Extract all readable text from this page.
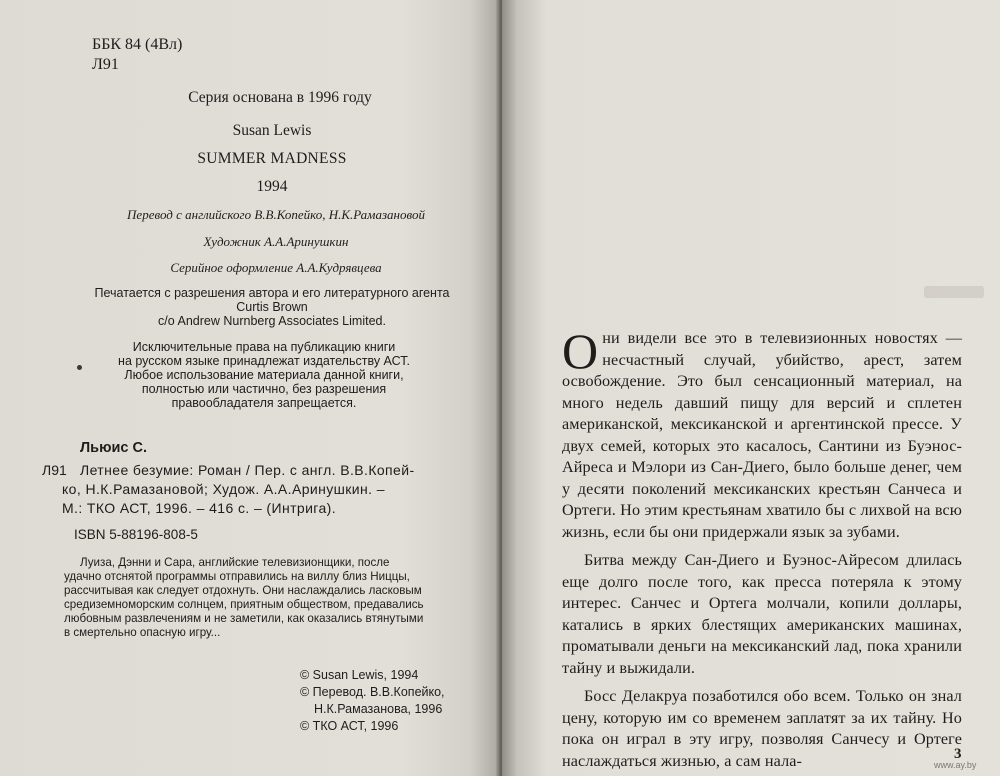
ББК 84 (4Вл)
Л91
Серия основана в 1996 году
Susan Lewis
SUMMER MADNESS
1994
Перевод с английского В.В.Копейко, Н.К.Рамазановой
Художник А.А.Аринушкин
Серийное оформление А.А.Кудрявцева
Печатается с разрешения автора и его литературного агента
Curtis Brown
c/o Andrew Nurnberg Associates Limited.
Исключительные права на публикацию книги
на русском языке принадлежат издательству АСТ.
Любое использование материала данной книги,
полностью или частично, без разрешения
правообладателя запрещается.
Льюис С.
Л91 Летнее безумие: Роман / Пер. с англ. В.В.Копей-
ко, Н.К.Рамазановой; Худож. А.А.Аринушкин. –
М.: ТКО АСТ, 1996. – 416 с. – (Интрига).
ISBN 5-88196-808-5
Луиза, Дэнни и Сара, английские телевизионщики, после
удачно отснятой программы отправились на виллу близ Ниццы,
рассчитывая как следует отдохнуть. Они наслаждались ласковым
средиземноморским солнцем, приятным обществом, предавались
любовным развлечениям и не заметили, как оказались втянутыми
в смертельно опасную игру...
© Susan Lewis, 1994
© Перевод. В.В.Копейко,
Н.К.Рамазанова, 1996
© ТКО АСТ, 1996

Они видели все это в телевизионных новостях — несчастный случай, убийство, арест, затем освобождение. Это был сенсационный материал, на много недель давший пищу для версий и сплетен американской, мексиканской и аргентинской прессе. У двух семей, которых это касалось, Сантини из Буэнос-Айреса и Мэлори из Сан-Диего, было больше денег, чем у десяти поколений мексиканских крестьян Санчеса и Ортеги. Но этим крестьянам хватило бы с лихвой на всю жизнь, если бы они придержали язык за зубами.

Битва между Сан-Диего и Буэнос-Айресом длилась еще долго после того, как пресса потеряла к этому интерес. Санчес и Ортега молчали, копили доллары, катались в ярких блестящих американских машинах, проматывали деньги на мексиканский лад, пока хранили тайну и выжидали.

Босс Делакруа позаботился обо всем. Только он знал цену, которую им со временем заплатят за их тайну. Но пока он играл в эту игру, позволяя Санчесу и Ортеге наслаждаться жизнью, а сам нала-	3
www.ay.by
